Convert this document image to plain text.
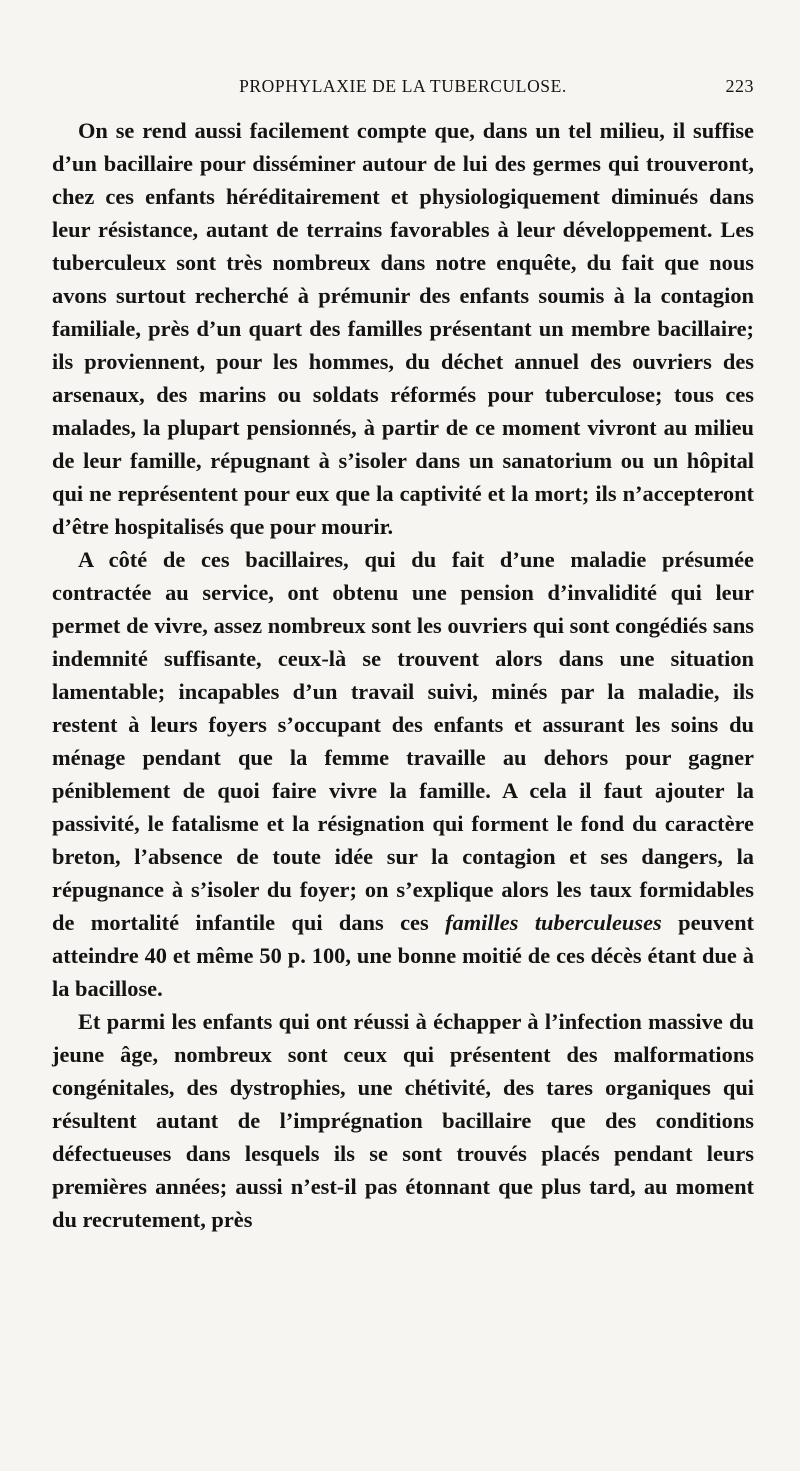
PROPHYLAXIE DE LA TUBERCULOSE.	223

On se rend aussi facilement compte que, dans un tel milieu, il suffise d’un bacillaire pour disséminer autour de lui des germes qui trouveront, chez ces enfants héréditairement et physiologiquement diminués dans leur résistance, autant de terrains favorables à leur développement. Les tuberculeux sont très nombreux dans notre enquête, du fait que nous avons surtout recherché à prémunir des enfants soumis à la contagion familiale, près d’un quart des familles présentant un membre bacillaire; ils proviennent, pour les hommes, du déchet annuel des ouvriers des arsenaux, des marins ou soldats réformés pour tuberculose; tous ces malades, la plupart pensionnés, à partir de ce moment vivront au milieu de leur famille, répugnant à s’isoler dans un sanatorium ou un hôpital qui ne représentent pour eux que la captivité et la mort; ils n’accepteront d’être hospitalisés que pour mourir.

A côté de ces bacillaires, qui du fait d’une maladie présumée contractée au service, ont obtenu une pension d’invalidité qui leur permet de vivre, assez nombreux sont les ouvriers qui sont congédiés sans indemnité suffisante, ceux-là se trouvent alors dans une situation lamentable; incapables d’un travail suivi, minés par la maladie, ils restent à leurs foyers s’occupant des enfants et assurant les soins du ménage pendant que la femme travaille au dehors pour gagner péniblement de quoi faire vivre la famille. A cela il faut ajouter la passivité, le fatalisme et la résignation qui forment le fond du caractère breton, l’absence de toute idée sur la contagion et ses dangers, la répugnance à s’isoler du foyer; on s’explique alors les taux formidables de mortalité infantile qui dans ces familles tuberculeuses peuvent atteindre 40 et même 50 p. 100, une bonne moitié de ces décès étant due à la bacillose.

Et parmi les enfants qui ont réussi à échapper à l’infection massive du jeune âge, nombreux sont ceux qui présentent des malformations congénitales, des dystrophies, une chétivité, des tares organiques qui résultent autant de l’imprégnation bacillaire que des conditions défectueuses dans lesquels ils se sont trouvés placés pendant leurs premières années; aussi n’est-il pas étonnant que plus tard, au moment du recrutement, près
